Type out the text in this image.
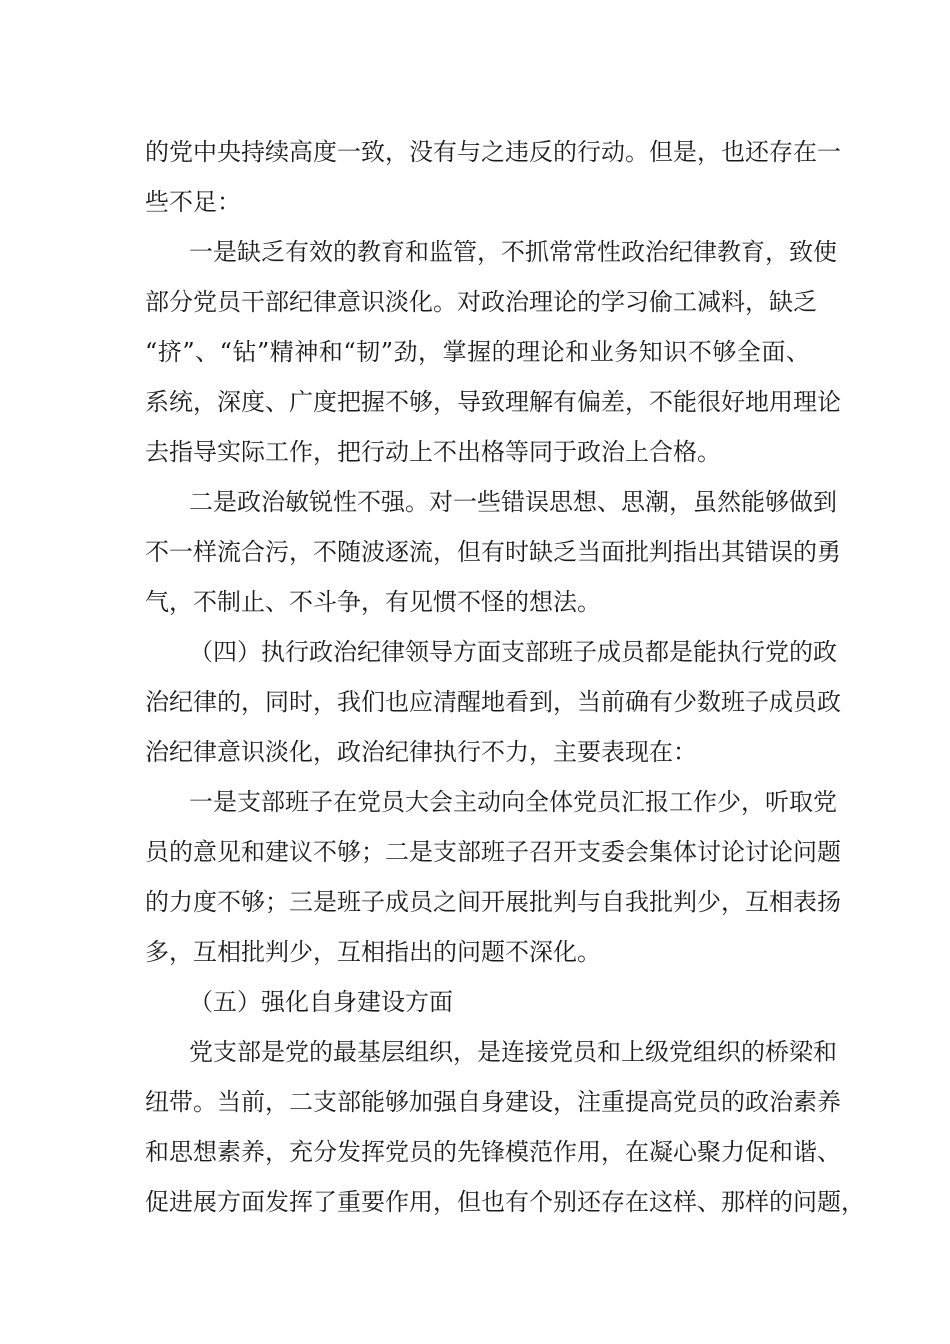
的党中央持续高度一致，没有与之违反的行动。但是，也还存在一
些不足：
一是缺乏有效的教育和监管，不抓常常性政治纪律教育，致使
部分党员干部纪律意识淡化。对政治理论的学习偷工减料，缺乏
“挤”、“钻”精神和“韧”劲，掌握的理论和业务知识不够全面、
系统，深度、广度把握不够，导致理解有偏差，不能很好地用理论
去指导实际工作，把行动上不出格等同于政治上合格。
二是政治敏锐性不强。对一些错误思想、思潮，虽然能够做到
不一样流合污，不随波逐流，但有时缺乏当面批判指出其错误的勇
气，不制止、不斗争，有见惯不怪的想法。
（四）执行政治纪律领导方面支部班子成员都是能执行党的政
治纪律的，同时，我们也应清醒地看到，当前确有少数班子成员政
治纪律意识淡化，政治纪律执行不力，主要表现在：
一是支部班子在党员大会主动向全体党员汇报工作少，听取党
员的意见和建议不够；二是支部班子召开支委会集体讨论讨论问题
的力度不够；三是班子成员之间开展批判与自我批判少，互相表扬
多，互相批判少，互相指出的问题不深化。
（五）强化自身建设方面
党支部是党的最基层组织，是连接党员和上级党组织的桥梁和
纽带。当前，二支部能够加强自身建设，注重提高党员的政治素养
和思想素养，充分发挥党员的先锋模范作用，在凝心聚力促和谐、
促进展方面发挥了重要作用，但也有个别还存在这样、那样的问题，
